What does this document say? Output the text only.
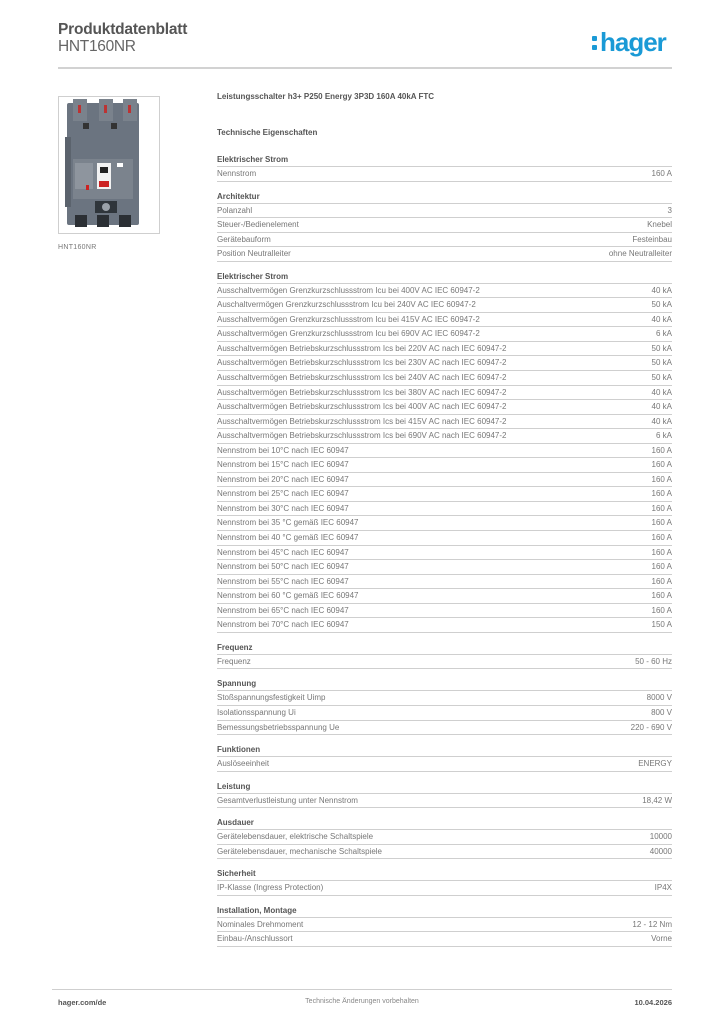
Produktdatenblatt
HNT160NR	hager
HNT160NR
Leistungsschalter h3+ P250 Energy 3P3D 160A 40kA FTC
Technische Eigenschaften
Elektrischer Strom
Nennstrom	160 A
Architektur
Polanzahl	3
Steuer-/Bedienelement	Knebel
Gerätebauform	Festeinbau
Position Neutralleiter	ohne Neutralleiter
Elektrischer Strom
Ausschaltvermögen Grenzkurzschlussstrom Icu bei 400V AC IEC 60947-2	40 kA
Auschaltvermögen Grenzkurzschlussstrom Icu bei 240V AC IEC 60947-2	50 kA
Ausschaltvermögen Grenzkurzschlussstrom Icu bei 415V AC IEC 60947-2	40 kA
Ausschaltvermögen Grenzkurzschlussstrom Icu bei 690V AC IEC 60947-2	6 kA
Ausschaltvermögen Betriebskurzschlussstrom Ics bei 220V AC nach IEC 60947-2	50 kA
Ausschaltvermögen Betriebskurzschlussstrom Ics bei 230V AC nach IEC 60947-2	50 kA
Ausschaltvermögen Betriebskurzschlussstrom Ics bei 240V AC nach IEC 60947-2	50 kA
Ausschaltvermögen Betriebskurzschlussstrom Ics bei 380V AC nach IEC 60947-2	40 kA
Ausschaltvermögen Betriebskurzschlussstrom Ics bei 400V AC nach IEC 60947-2	40 kA
Ausschaltvermögen Betriebskurzschlussstrom Ics bei 415V AC nach IEC 60947-2	40 kA
Ausschaltvermögen Betriebskurzschlussstrom Ics bei 690V AC nach IEC 60947-2	6 kA
Nennstrom bei 10°C nach IEC 60947	160 A
Nennstrom bei 15°C nach IEC 60947	160 A
Nennstrom bei 20°C nach IEC 60947	160 A
Nennstrom bei 25°C nach IEC 60947	160 A
Nennstrom bei 30°C nach IEC 60947	160 A
Nennstrom bei 35 °C gemäß IEC 60947	160 A
Nennstrom bei 40 °C gemäß IEC 60947	160 A
Nennstrom bei 45°C nach IEC 60947	160 A
Nennstrom bei 50°C nach IEC 60947	160 A
Nennstrom bei 55°C nach IEC 60947	160 A
Nennstrom bei 60 °C gemäß IEC 60947	160 A
Nennstrom bei 65°C nach IEC 60947	160 A
Nennstrom bei 70°C nach IEC 60947	150 A
Frequenz
Frequenz	50 - 60 Hz
Spannung
Stoßspannungsfestigkeit Uimp	8000 V
Isolationsspannung Ui	800 V
Bemessungsbetriebsspannung Ue	220 - 690 V
Funktionen
Auslöseeinheit	ENERGY
Leistung
Gesamtverlustleistung unter Nennstrom	18,42 W
Ausdauer
Gerätelebensdauer, elektrische Schaltspiele	10000
Gerätelebensdauer, mechanische Schaltspiele	40000
Sicherheit
IP-Klasse (Ingress Protection)	IP4X
Installation, Montage
Nominales Drehmoment	12 - 12 Nm
Einbau-/Anschlussort	Vorne
hager.com/de	Technische Änderungen vorbehalten	10.04.2026
